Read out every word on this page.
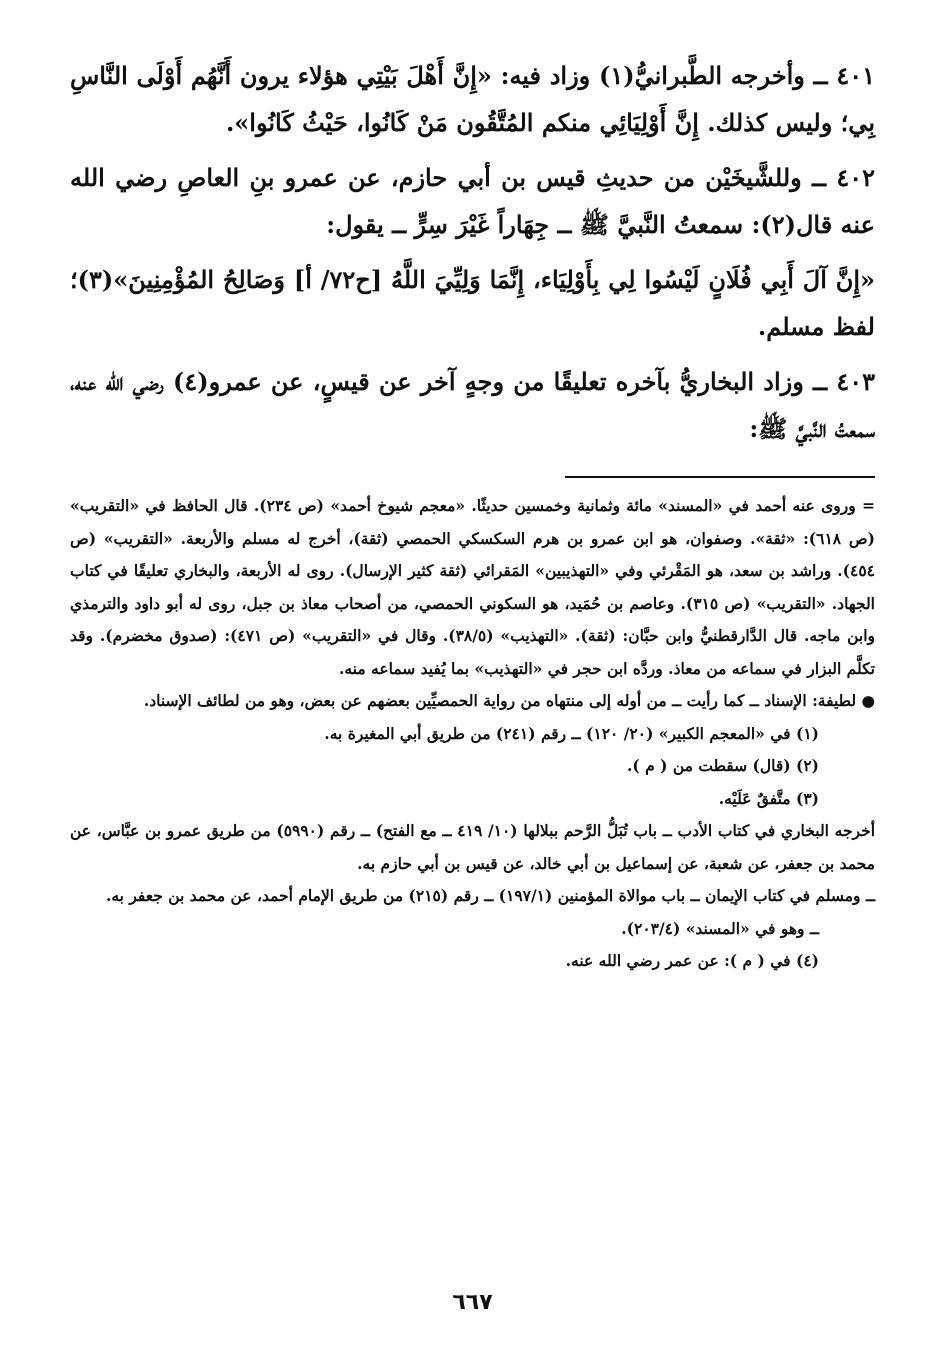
٤٠١ ــ وأخرجه الطَّبرانيُّ(١) وزاد فيه: «إِنَّ أَهْلَ بَيْتِي هؤلاء يرون أَنَّهُم أَوْلَى النَّاسِ بِي؛ وليس كذلك. إِنَّ أَوْلِيَائِي منكم المُتَّقُون مَنْ كَانُوا، حَيْثُ كَانُوا».

٤٠٢ ــ وللشَّيخَيْن من حديثِ قيس بن أبي حازم، عن عمرو بنِ العاصِ رضي الله عنه قال(٢): سمعتُ النَّبيَّ ﷺ ــ جِهَاراً غَيْرَ سِرٍّ ــ يقول:

«إِنَّ آلَ أَبِي فُلَانٍ لَيْسُوا لِي بِأَوْلِيَاء، إِنَّمَا وَلِيِّيَ اللَّهُ [ح٧٢/ أ] وَصَالِحُ المُؤْمِنِينَ»(٣)؛ لفظ مسلم.

٤٠٣ ــ وزاد البخاريُّ بآخره تعليقًا من وجهٍ آخر عن قيسٍ، عن عمرو(٤) رضي الله عنه، سمعتُ النَّبيَّ ﷺ:

= وروى عنه أحمد في «المسند» مائة وثمانية وخمسين حديثًا. «معجم شيوخ أحمد» (ص ٢٣٤). قال الحافظ في «التقريب» (ص ٦١٨): «ثقة». وصفوان، هو ابن عمرو بن هرم السكسكي الحمصي (ثقة)، أخرج له مسلم والأربعة. «التقريب» (ص ٤٥٤). وراشد بن سعد، هو المَقْرئي وفي «التهذيبين» المَقرائي (ثقة كثير الإرسال). روى له الأربعة، والبخاري تعليقًا في كتاب الجهاد. «التقريب» (ص ٣١٥). وعاصم بن حُمَيد، هو السكوني الحمصي، من أصحاب معاذ بن جبل، روى له أبو داود والترمذي وابن ماجه. قال الدَّارقطنيُّ وابن حبَّان: (ثقة). «التهذيب» (٣٨/٥). وقال في «التقريب» (ص ٤٧١): (صدوق مخضرم). وقد تكلَّم البزار في سماعه من معاذ. وردَّه ابن حجر في «التهذيب» بما يُفيد سماعه منه.

● لطيفة: الإسناد ــ كما رأيت ــ من أوله إلى منتهاه من رواية الحمصيِّين بعضهم عن بعض، وهو من لطائف الإسناد.

(١) في «المعجم الكبير» (٢٠/ ١٢٠) ــ رقم (٢٤١) من طريق أبي المغيرة به.

(٢) (قال) سقطت من ( م ).

(٣) متَّفقٌ عَلَيْه.

أخرجه البخاري في كتاب الأدب ــ باب تُبَلُّ الرَّحم ببلالها (١٠/ ٤١٩ ــ مع الفتح) ــ رقم (٥٩٩٠) من طريق عمرو بن عبَّاس، عن محمد بن جعفر، عن شعبة، عن إسماعيل بن أبي خالد، عن قيس بن أبي حازم به.

ــ ومسلم في كتاب الإيمان ــ باب موالاة المؤمنين (١٩٧/١) ــ رقم (٢١٥) من طريق الإمام أحمد، عن محمد بن جعفر به.

ــ وهو في «المسند» (٢٠٣/٤).

(٤) في ( م ): عن عمر رضي الله عنه.

٦٦٧
